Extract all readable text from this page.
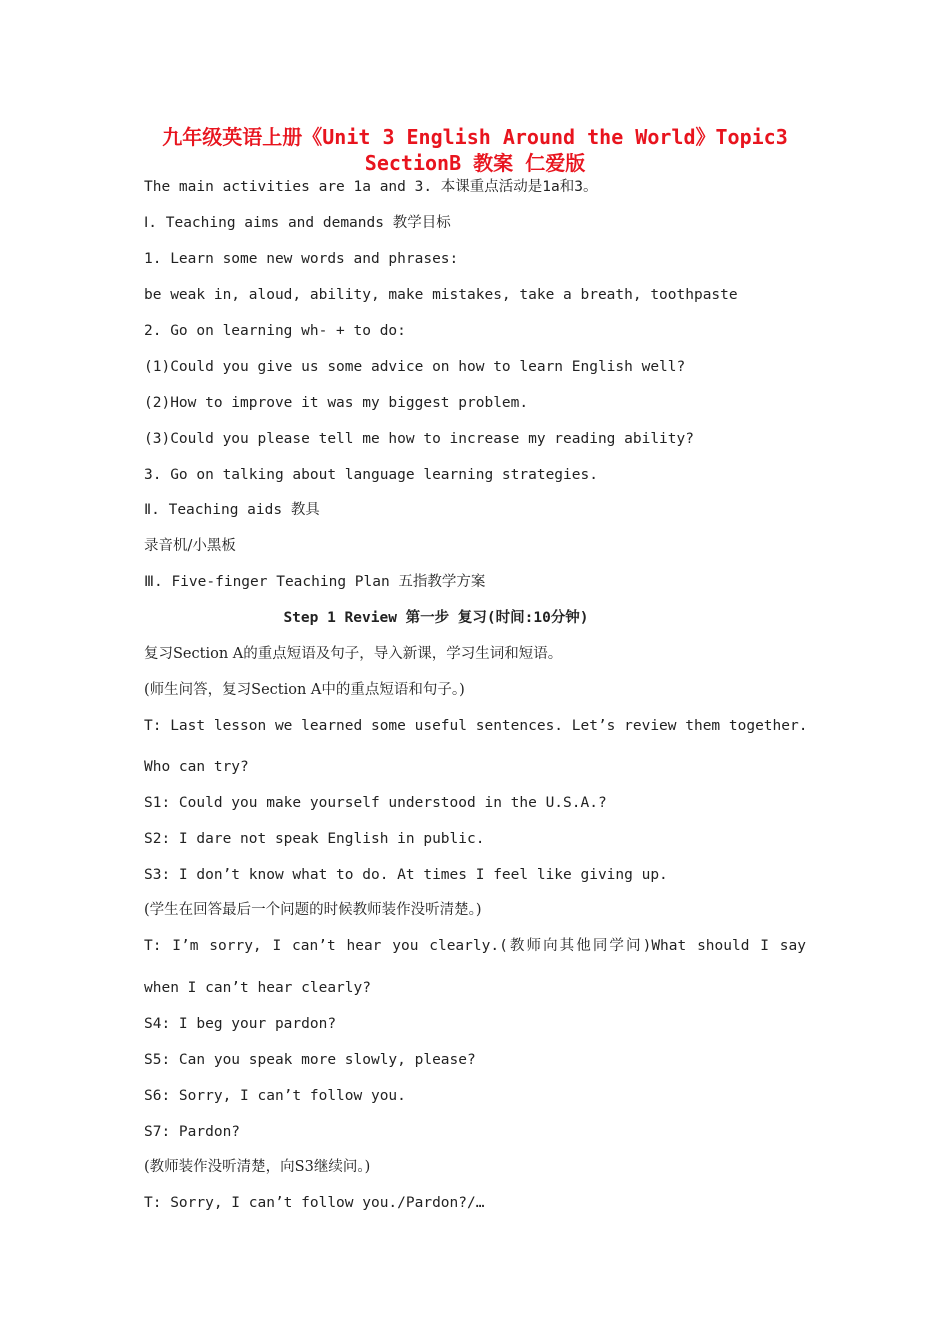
九年级英语上册《Unit 3 English Around the World》Topic3
SectionB 教案 仁爱版
The main activities are 1a and 3. 本课重点活动是1a和3。
Ⅰ. Teaching aims and demands 教学目标
1. Learn some new words and phrases:
be weak in, aloud, ability, make mistakes, take a breath, toothpaste
2. Go on learning wh- + to do:
(1)Could you give us some advice on how to learn English well?
(2)How to improve it was my biggest problem.
(3)Could you please tell me how to increase my reading ability?
3. Go on talking about language learning strategies.
Ⅱ. Teaching aids 教具
录音机/小黑板
Ⅲ. Five-finger Teaching Plan 五指教学方案
Step 1 Review 第一步 复习(时间:10分钟)
复习Section A的重点短语及句子，导入新课，学习生词和短语。
(师生问答，复习Section A中的重点短语和句子。)
T: Last lesson we learned some useful sentences. Let’s review them together.
Who can try?
S1: Could you make yourself understood in the U.S.A.?
S2: I dare not speak English in public.
S3: I don’t know what to do. At times I feel like giving up.
(学生在回答最后一个问题的时候教师装作没听清楚。)
T: I’m sorry, I can’t hear you clearly.(教师向其他同学问)What should I say
when I can’t hear clearly?
S4: I beg your pardon?
S5: Can you speak more slowly, please?
S6: Sorry, I can’t follow you.
S7: Pardon?
(教师装作没听清楚，向S3继续问。)
T: Sorry, I can’t follow you./Pardon?/…
